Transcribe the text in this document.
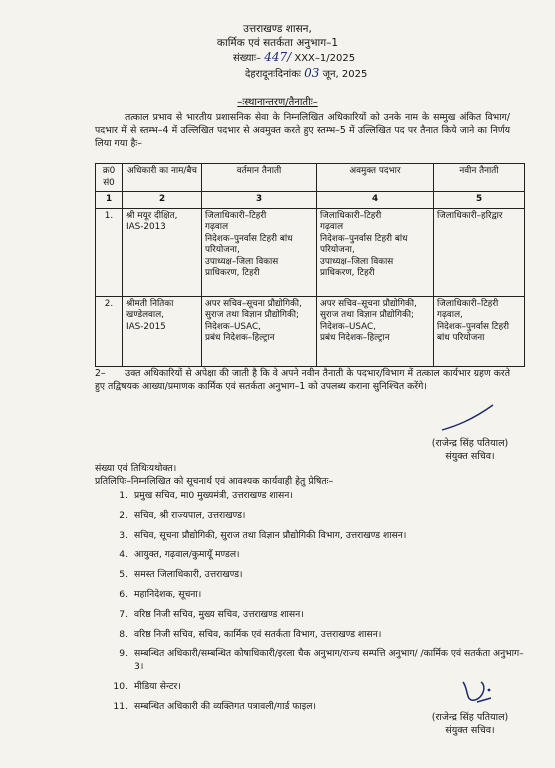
उत्तराखण्ड शासन,
कार्मिक एवं सतर्कता अनुभाग–1
संख्याः– 447/ XXX–1/2025
देहरादूनःदिनांकः 03 जून, 2025
–ःस्थानान्तरण/तैनातीः–
तत्काल प्रभाव से भारतीय प्रशासनिक सेवा के निम्नलिखित अधिकारियों को उनके नाम के सम्मुख अंकित विभाग/पदभार में से स्तम्भ–4 में उल्लिखित पदभार से अवमुक्त करते हुए स्तम्भ–5 में उल्लिखित पद पर तैनात किये जाने का निर्णय लिया गया हैः–
क्र0 सं0	अधिकारी का नाम/बैच	वर्तमान तैनाती	अवमुक्त पदभार	नवीन तैनाती
1	2	3	4	5
1.	श्री मयूर दीक्षित,
IAS-2013	जिलाधिकारी–टिहरी
गढ़वाल
निदेशक–पुनर्वास टिहरी बांध परियोजना,
उपाध्यक्ष–जिला विकास प्राधिकरण, टिहरी	जिलाधिकारी–टिहरी
गढ़वाल
निदेशक–पुनर्वास टिहरी बांध परियोजना,
उपाध्यक्ष–जिला विकास प्राधिकरण, टिहरी	जिलाधिकारी–हरिद्वार

2.	श्रीमती नितिका खण्डेलवाल,
IAS-2015	अपर सचिव–सूचना प्रौद्योगिकी, सुराज तथा विज्ञान प्रौद्योगिकी;
निदेशक–USAC,
प्रबंध निदेशक–हिल्ट्रान	अपर सचिव–सूचना प्रौद्योगिकी, सुराज तथा विज्ञान प्रौद्योगिकी;
निदेशक–USAC,
प्रबंध निदेशक–हिल्ट्रान	जिलाधिकारी–टिहरी
गढ़वाल,
निदेशक–पुनर्वास टिहरी बांध परियोजना
2– उक्त अधिकारियों से अपेक्षा की जाती है कि वे अपने नवीन तैनाती के पदभार/विभाग में तत्काल कार्यभार ग्रहण करते हुए तद्विषयक आख्या/प्रमाणक कार्मिक एवं सतर्कता अनुभाग–1 को उपलब्ध कराना सुनिश्चित करेंगे।
(राजेन्द्र सिंह पतियाल)
संयुक्त सचिव।
संख्या एवं तिथिःयथोक्त।
प्रतिलिपिः–निम्नलिखित को सूचनार्थ एवं आवश्यक कार्यवाही हेतु प्रेषितः–
1. प्रमुख सचिव, मा0 मुख्यमंत्री, उत्तराखण्ड शासन।
2. सचिव, श्री राज्यपाल, उत्तराखण्ड।
3. सचिव, सूचना प्रौद्योगिकी, सुराज तथा विज्ञान प्रौद्योगिकी विभाग, उत्तराखण्ड शासन।
4. आयुक्त, गढ़वाल/कुमायूँ मण्डल।
5. समस्त जिलाधिकारी, उत्तराखण्ड।
6. महानिदेशक, सूचना।
7. वरिष्ठ निजी सचिव, मुख्य सचिव, उत्तराखण्ड शासन।
8. वरिष्ठ निजी सचिव, सचिव, कार्मिक एवं सतर्कता विभाग, उत्तराखण्ड शासन।
9. सम्बन्धित अधिकारी/सम्बन्धित कोषाधिकारी/इरला चैक अनुभाग/राज्य सम्पत्ति अनुभाग/ /कार्मिक एवं सतर्कता अनुभाग–3।
10. मीडिया सेन्टर।
11. सम्बन्धित अधिकारी की व्यक्तिगत पत्रावली/गार्ड फाइल।
(राजेन्द्र सिंह पतियाल)
संयुक्त सचिव।
